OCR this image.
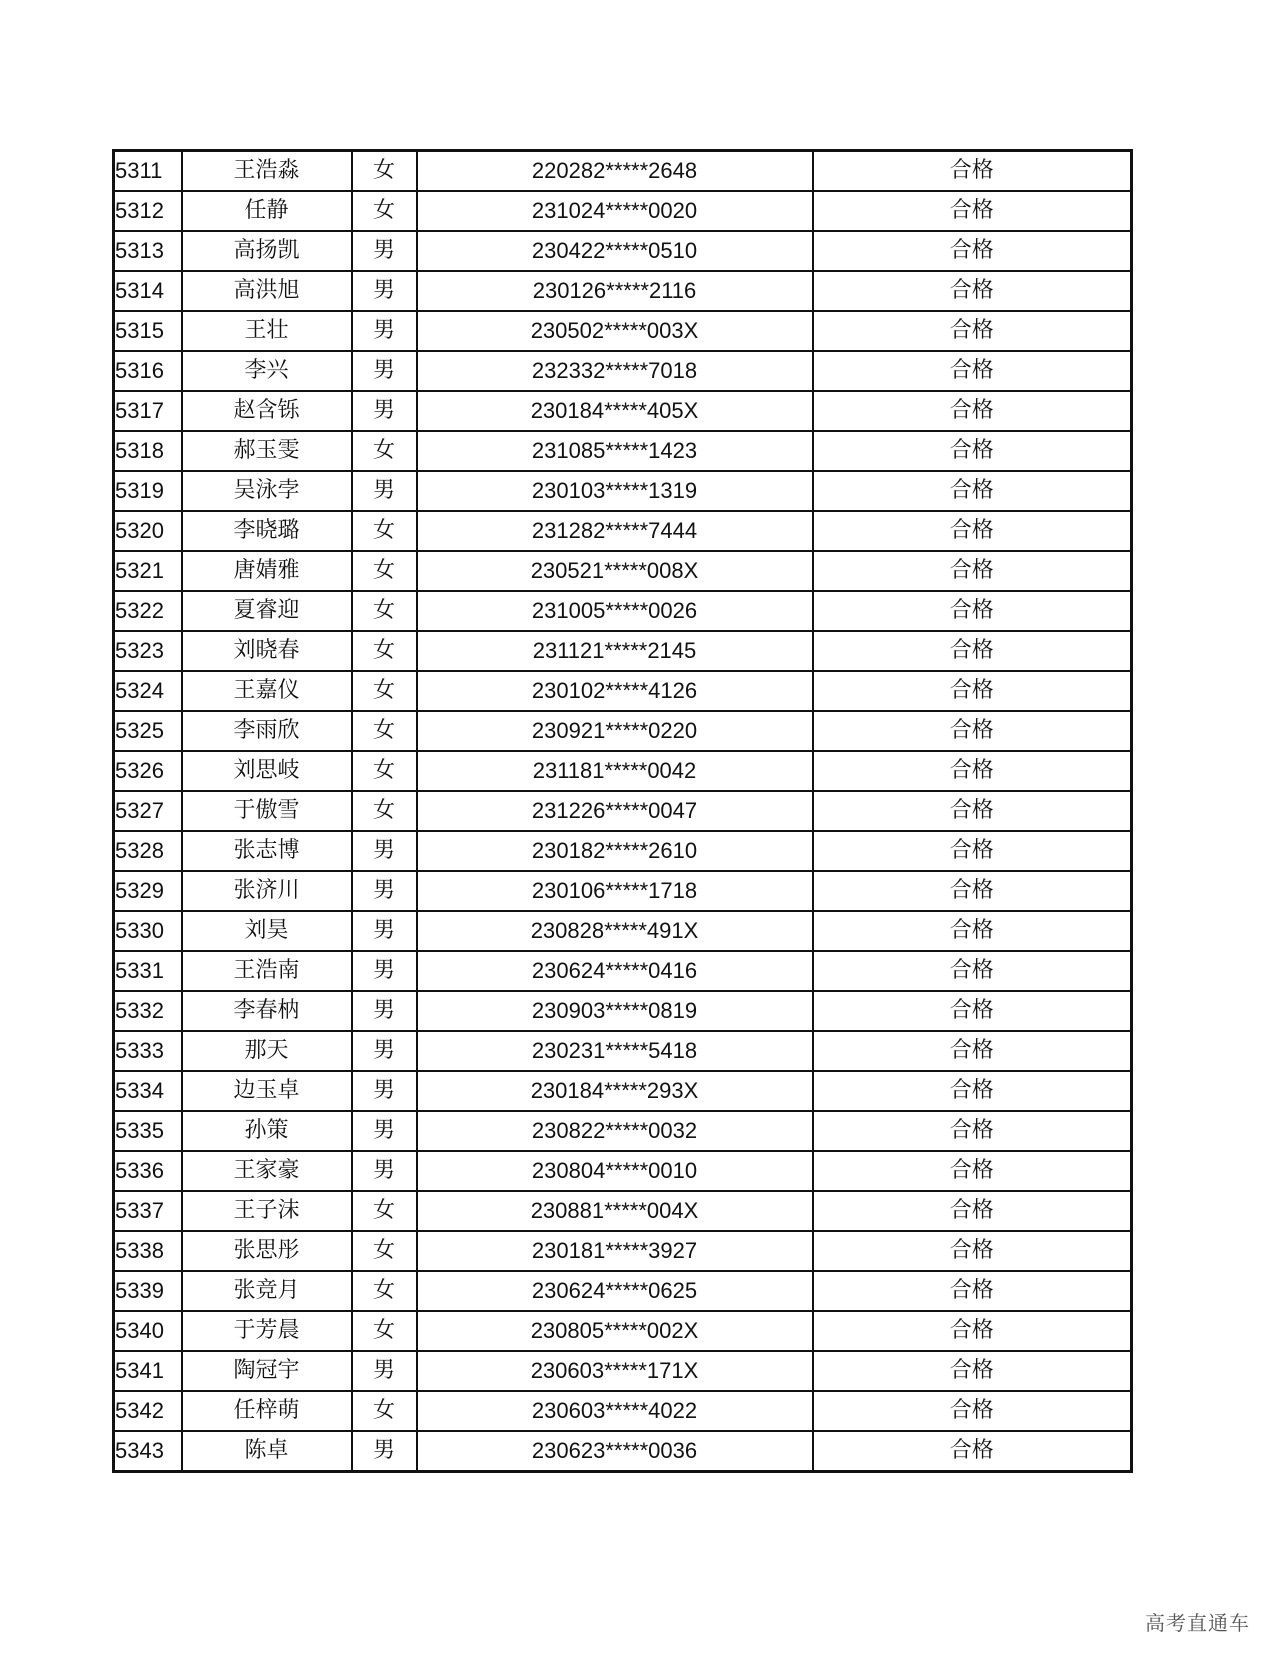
5311	王浩淼	女	220282*****2648	合格
5312	任静	女	231024*****0020	合格
5313	高扬凯	男	230422*****0510	合格
5314	高洪旭	男	230126*****2116	合格
5315	王壮	男	230502*****003X	合格
5316	李兴	男	232332*****7018	合格
5317	赵含铄	男	230184*****405X	合格
5318	郝玉雯	女	231085*****1423	合格
5319	吴泳孛	男	230103*****1319	合格
5320	李晓璐	女	231282*****7444	合格
5321	唐婧雅	女	230521*****008X	合格
5322	夏睿迎	女	231005*****0026	合格
5323	刘晓春	女	231121*****2145	合格
5324	王嘉仪	女	230102*****4126	合格
5325	李雨欣	女	230921*****0220	合格
5326	刘思岐	女	231181*****0042	合格
5327	于傲雪	女	231226*****0047	合格
5328	张志博	男	230182*****2610	合格
5329	张济川	男	230106*****1718	合格
5330	刘昊	男	230828*****491X	合格
5331	王浩南	男	230624*****0416	合格
5332	李春枘	男	230903*****0819	合格
5333	那天	男	230231*****5418	合格
5334	边玉卓	男	230184*****293X	合格
5335	孙策	男	230822*****0032	合格
5336	王家豪	男	230804*****0010	合格
5337	王子沫	女	230881*****004X	合格
5338	张思彤	女	230181*****3927	合格
5339	张竞月	女	230624*****0625	合格
5340	于芳晨	女	230805*****002X	合格
5341	陶冠宇	男	230603*****171X	合格
5342	任梓萌	女	230603*****4022	合格
5343	陈卓	男	230623*****0036	合格
高考直通车
